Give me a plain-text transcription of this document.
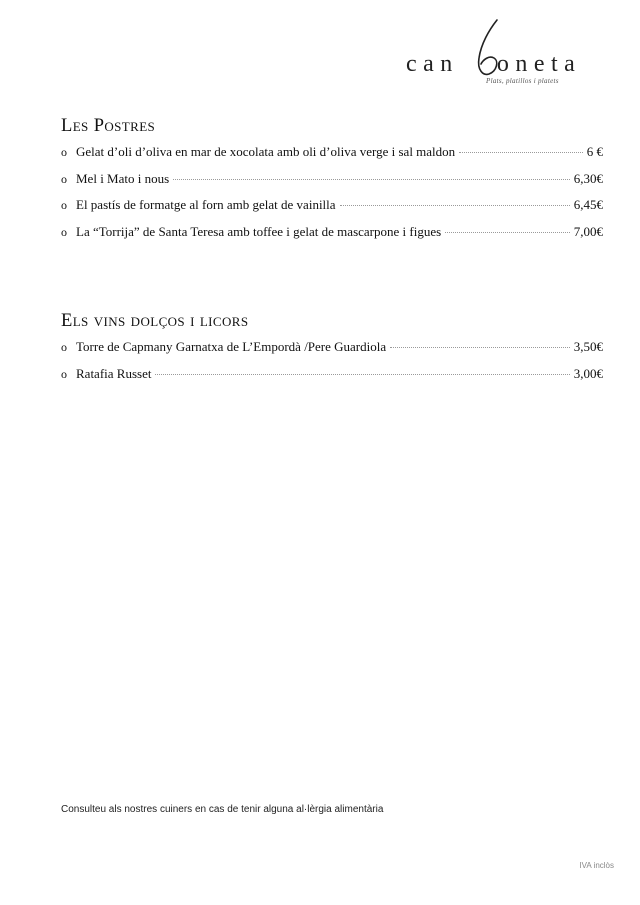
can oneta
Plats, platillos i platets
Les Postres
o Gelat d’oli d’oliva en mar de xocolata amb oli d’oliva verge i sal maldon	6 €
o Mel i Mato i nous	6,30€
o El pastís de formatge al forn amb gelat de vainilla	6,45€
o La “Torrija” de Santa Teresa amb toffee i gelat de mascarpone i figues	7,00€
Els vins dolços i licors
o Torre de Capmany Garnatxa de L’Empordà /Pere Guardiola	3,50€
o Ratafia Russet	3,00€
Consulteu als nostres cuiners en cas de tenir alguna al·lèrgia alimentària
IVA inclòs
